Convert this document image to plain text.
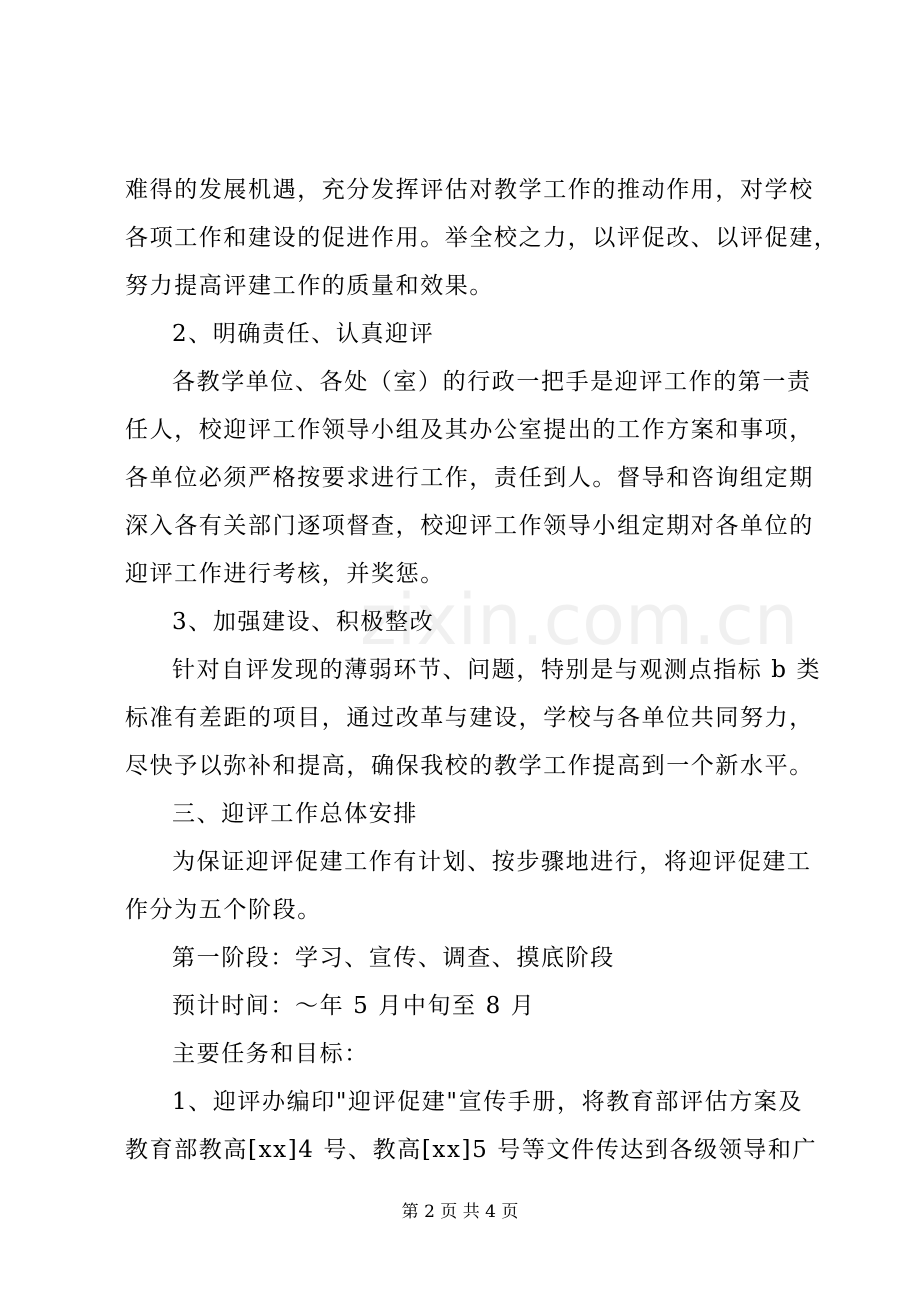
zixin.com.cn
难得的发展机遇，充分发挥评估对教学工作的推动作用，对学校
各项工作和建设的促进作用。举全校之力，以评促改、以评促建，
努力提高评建工作的质量和效果。
2、明确责任、认真迎评
各教学单位、各处（室）的行政一把手是迎评工作的第一责
任人，校迎评工作领导小组及其办公室提出的工作方案和事项，
各单位必须严格按要求进行工作，责任到人。督导和咨询组定期
深入各有关部门逐项督查，校迎评工作领导小组定期对各单位的
迎评工作进行考核，并奖惩。
3、加强建设、积极整改
针对自评发现的薄弱环节、问题，特别是与观测点指标 b 类
标准有差距的项目，通过改革与建设，学校与各单位共同努力，
尽快予以弥补和提高，确保我校的教学工作提高到一个新水平。
三、迎评工作总体安排
为保证迎评促建工作有计划、按步骤地进行，将迎评促建工
作分为五个阶段。
第一阶段：学习、宣传、调查、摸底阶段
预计时间：～年 5 月中旬至 8 月
主要任务和目标：
1、迎评办编印"迎评促建"宣传手册，将教育部评估方案及
教育部教高[xx]4 号、教高[xx]5 号等文件传达到各级领导和广
第 2 页 共 4 页
